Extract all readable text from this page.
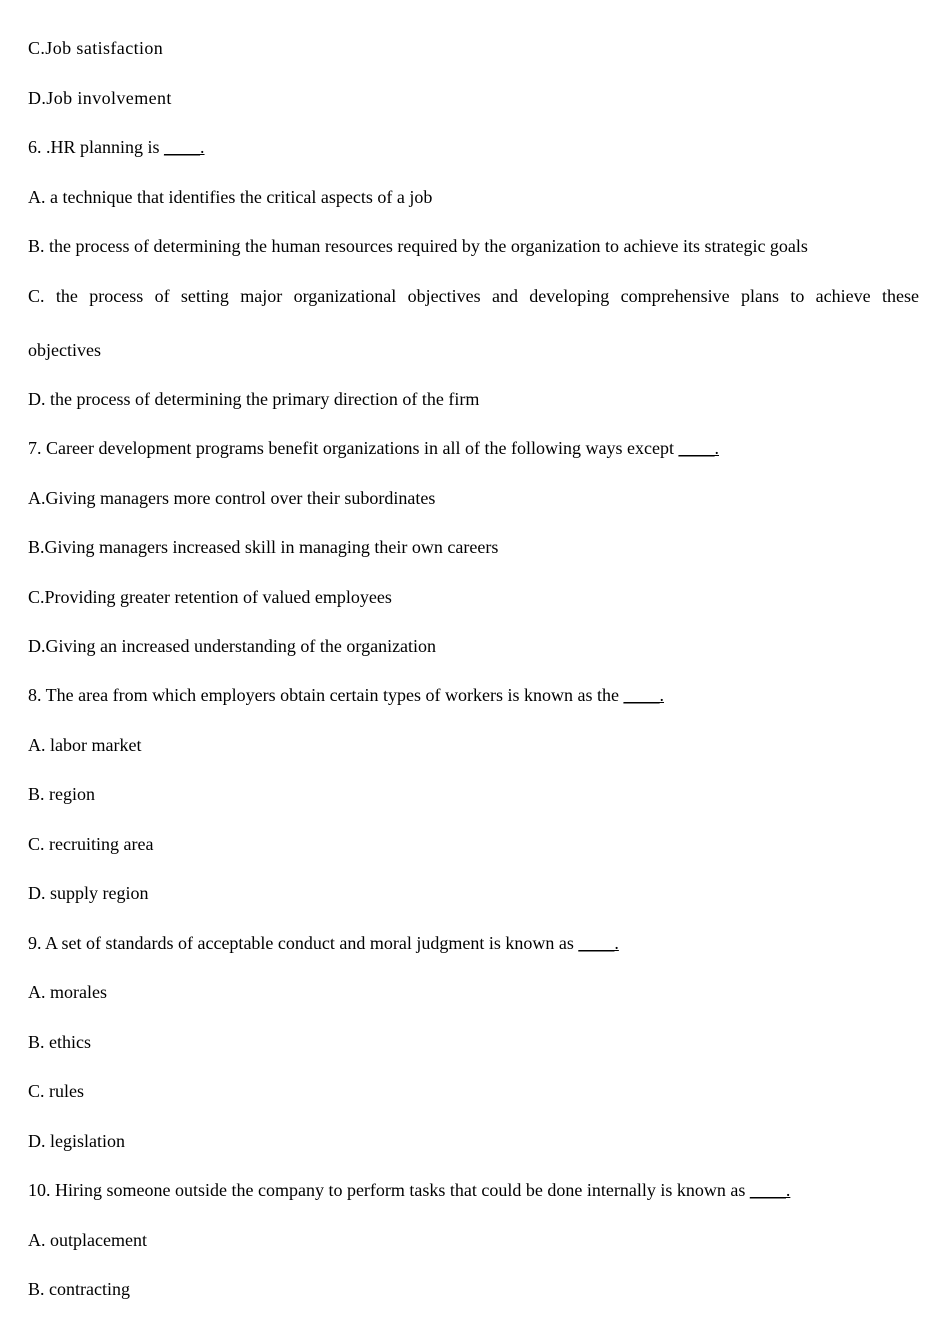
C.Job satisfaction
D.Job involvement
6. .HR planning is ____.
A. a technique that identifies the critical aspects of a job
B. the process of determining the human resources required by the organization to achieve its strategic goals
C. the process of setting major organizational objectives and developing comprehensive plans to achieve these
objectives
D. the process of determining the primary direction of the firm
7. Career development programs benefit organizations in all of the following ways except ____.
A.Giving managers more control over their subordinates
B.Giving managers increased skill in managing their own careers
C.Providing greater retention of valued employees
D.Giving an increased understanding of the organization
8. The area from which employers obtain certain types of workers is known as the ____.
A. labor market
B. region
C. recruiting area
D. supply region
9. A set of standards of acceptable conduct and moral judgment is known as ____.
A. morales
B. ethics
C. rules
D. legislation
10. Hiring someone outside the company to perform tasks that could be done internally is known as ____.
A. outplacement
B. contracting
